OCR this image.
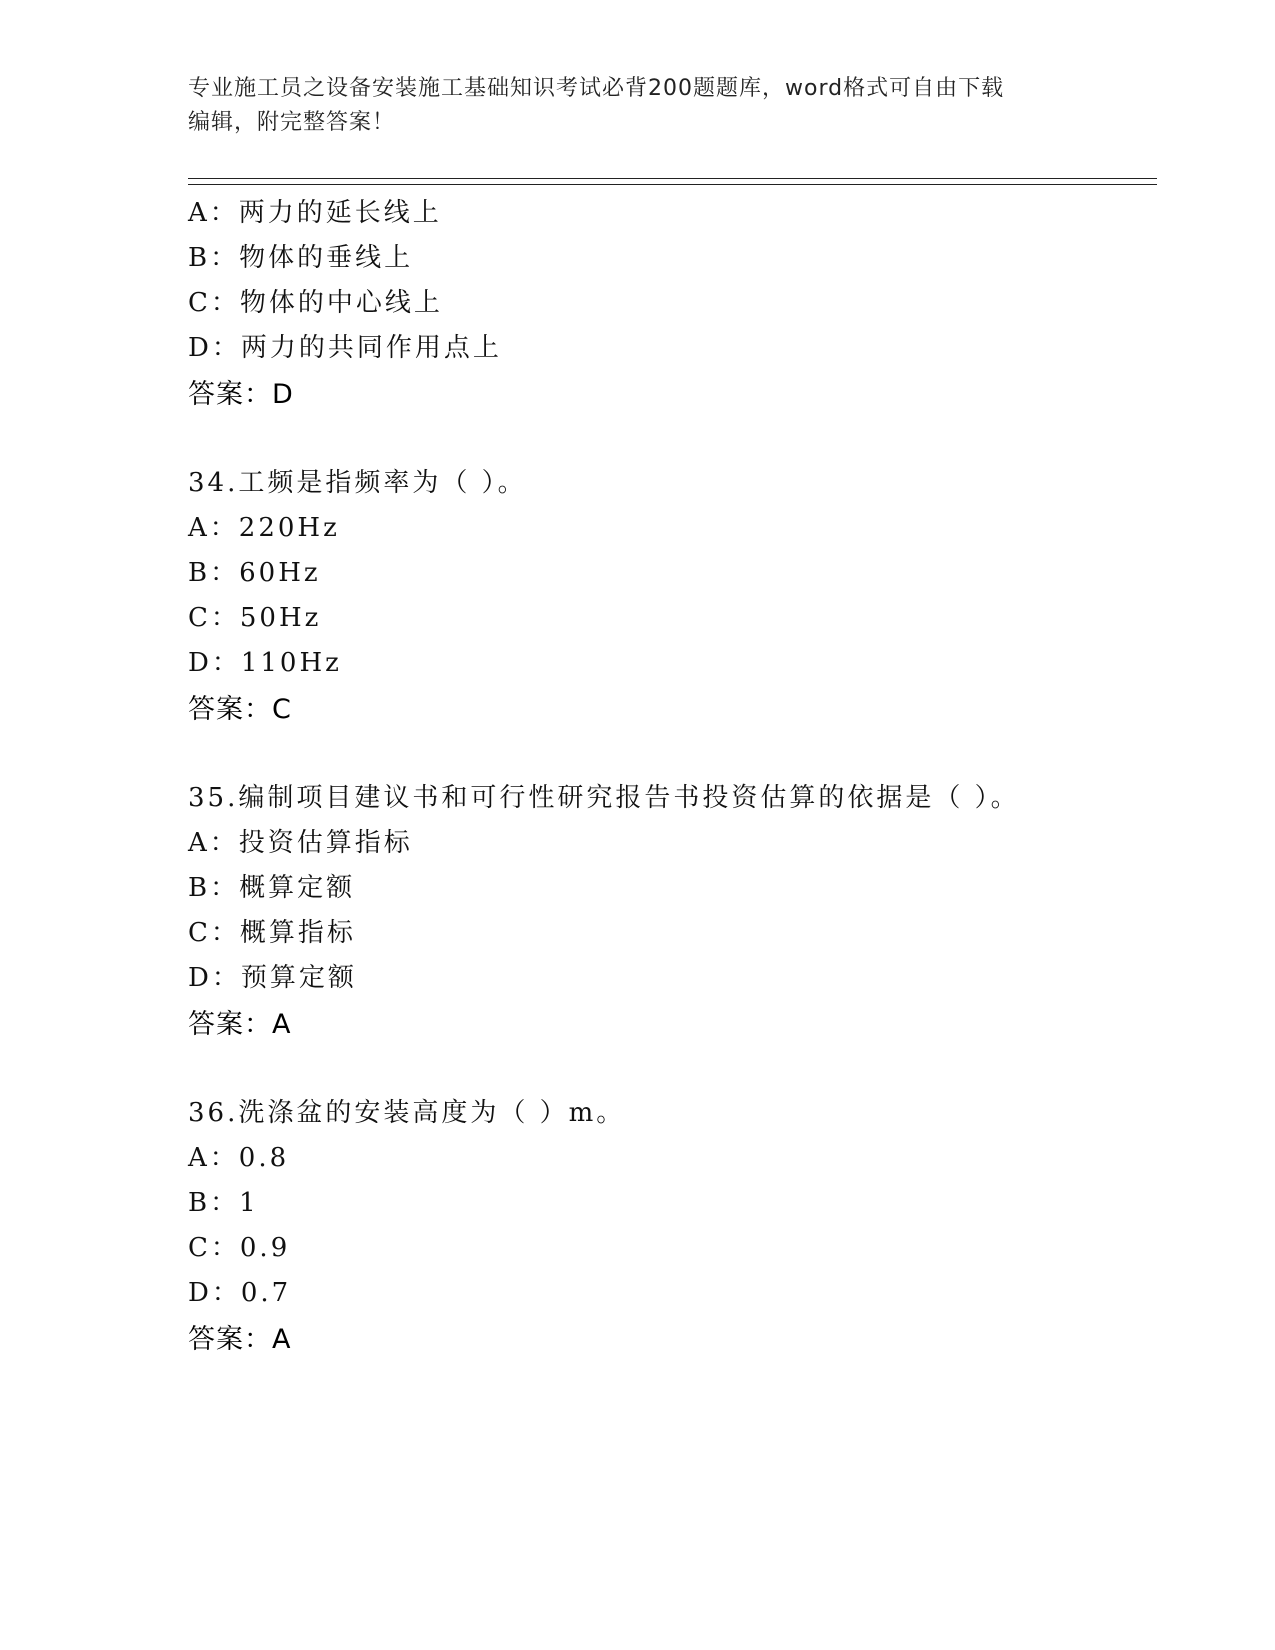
专业施工员之设备安装施工基础知识考试必背200题题库，word格式可自由下载
编辑，附完整答案！
A：两力的延长线上
B：物体的垂线上
C：物体的中心线上
D：两力的共同作用点上
答案：D
34.工频是指频率为（ ）。
A：220Hz
B：60Hz
C：50Hz
D：110Hz
答案：C
35.编制项目建议书和可行性研究报告书投资估算的依据是（ ）。
A：投资估算指标
B：概算定额
C：概算指标
D：预算定额
答案：A
36.洗涤盆的安装高度为（ ）m。
A：0.8
B：1
C：0.9
D：0.7
答案：A
